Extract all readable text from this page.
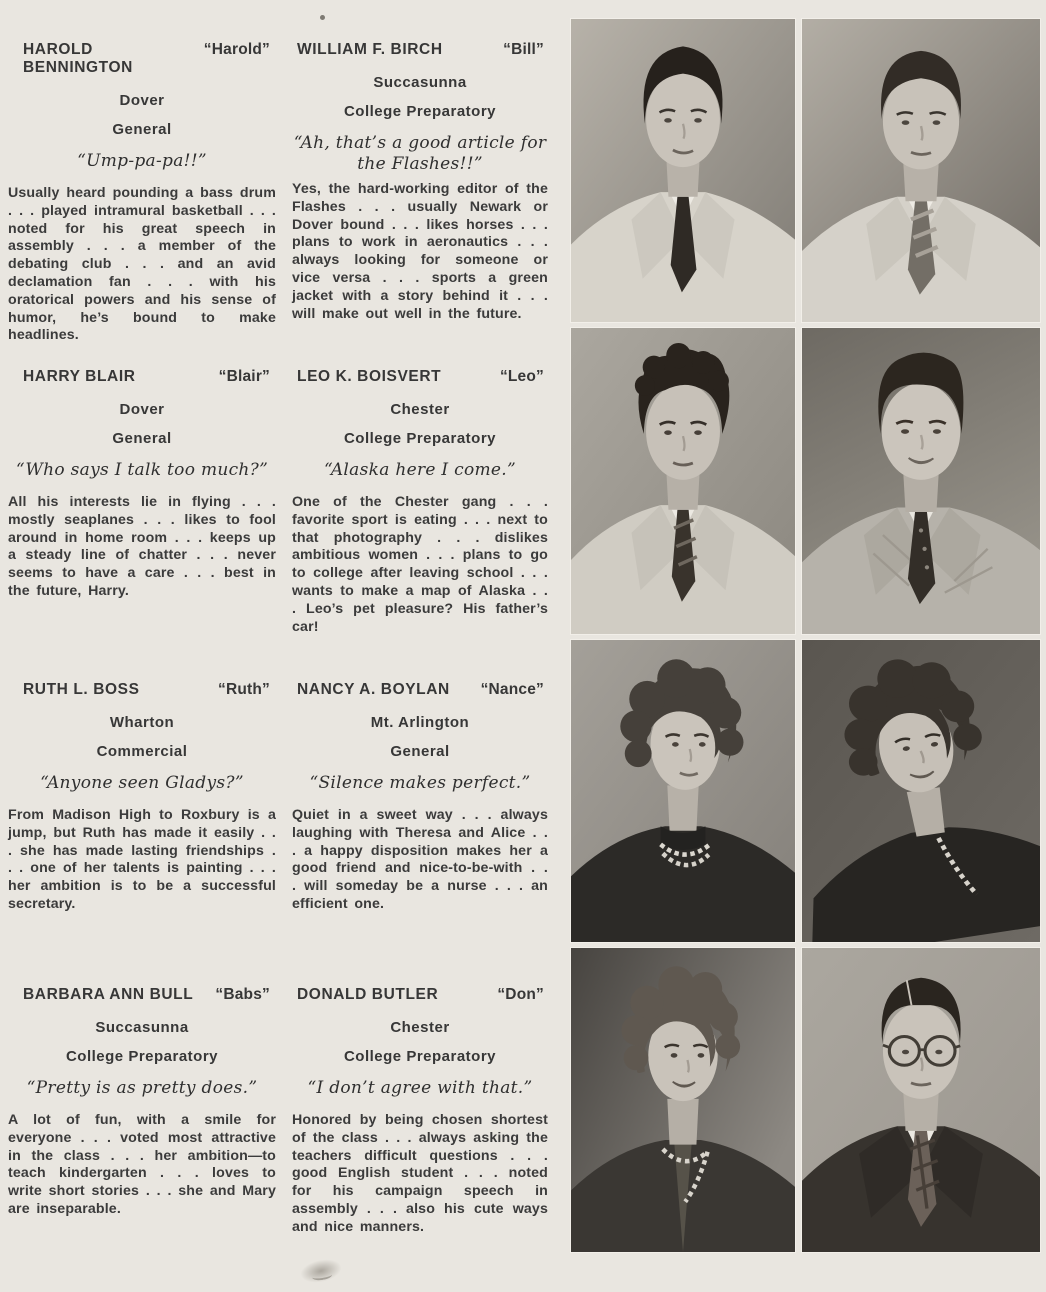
HAROLD BENNINGTON
“Harold”
Dover
General
“Ump-pa-pa!!”

Usually heard pounding a bass drum . . . played intramural basketball . . . noted for his great speech in assembly . . . a member of the debating club . . . and an avid declamation fan . . . with his oratorical powers and his sense of humor, he’s bound to make headlines.

WILLIAM F. BIRCH	“Bill”
Succasunna
College Preparatory
“Ah, that’s a good article for the Flashes!!”

Yes, the hard-working editor of the Flashes . . . usually Newark or Dover bound . . . likes horses . . . plans to work in aeronautics . . . always looking for someone or vice versa . . . sports a green jacket with a story behind it . . . will make out well in the future.

HARRY BLAIR	“Blair”
Dover
General
“Who says I talk too much?”

All his interests lie in flying . . . mostly seaplanes . . . likes to fool around in home room . . . keeps up a steady line of chatter . . . never seems to have a care . . . best in the future, Harry.

LEO K. BOISVERT	“Leo”
Chester
College Preparatory
“Alaska here I come.”

One of the Chester gang . . . favorite sport is eating . . . next to that photography . . . dislikes ambitious women . . . plans to go to college after leaving school . . . wants to make a map of Alaska . . . Leo’s pet pleasure? His father’s car!

RUTH L. BOSS	“Ruth”
Wharton
Commercial
“Anyone seen Gladys?”

From Madison High to Roxbury is a jump, but Ruth has made it easily . . . she has made lasting friendships . . . one of her talents is painting . . . her ambition is to be a successful secretary.

NANCY A. BOYLAN “Nance”
Mt. Arlington
General
“Silence makes perfect.”

Quiet in a sweet way . . . always laughing with Theresa and Alice . . . a happy disposition makes her a good friend and nice-to-be-with . . . will someday be a nurse . . . an efficient one.

BARBARA ANN BULL “Babs”
Succasunna
College Preparatory
“Pretty is as pretty does.”

A lot of fun, with a smile for everyone . . . voted most attractive in the class . . . her ambition—to teach kindergarten . . . loves to write short stories . . . she and Mary are inseparable.

DONALD BUTLER	“Don”
Chester
College Preparatory
“I don’t agree with that.”

Honored by being chosen shortest of the class . . . always asking the teachers difficult questions . . . good English student . . . noted for his campaign speech in assembly . . . also his cute ways and nice manners.
